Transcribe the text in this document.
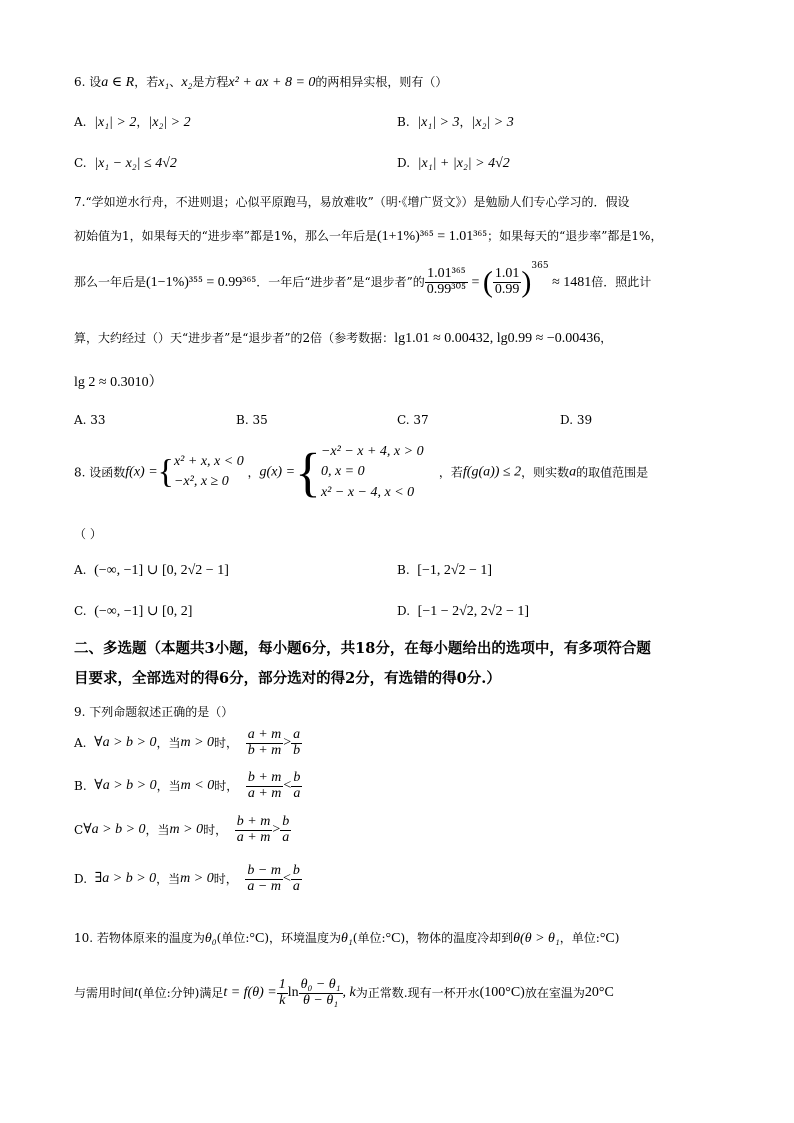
6. 设a ∈ R，若x₁、x₂是方程x² + ax + 8 = 0的两相异实根，则有（）
A. |x₁| > 2，|x₂| > 2	B. |x₁| > 3，|x₂| > 3
C. |x₁ − x₂| ≤ 4√2	D. |x₁| + |x₂| > 4√2
7.“学如逆水行舟，不进则退；心似平原跑马，易放难收”（明·《增广贤文》）是勉励人们专心学习的．假设
初始值为1，如果每天的“进步率”都是1%，那么一年后是(1+1%)³⁶⁵ = 1.01³⁶⁵；如果每天的“退步率”都是1%，
那么一年后是(1−1%)³⁵⁵ = 0.99³⁶⁵．一年后“进步者”是“退步者”的 $\frac{\text{1.01³⁶⁵}}{\text{0.99³⁰⁵}}$ = ( $\frac{1.01}{0.99} )^{365} \approx 1481$倍．照此计
算，大约经过（）天“进步者”是“退步者”的2倍（参考数据：lg1.01 ≈ 0.00432, lg0.99 ≈ −0.00436，
lg 2 ≈ 0.3010）
A. 33	B. 35	C. 37	D. 39
8. 设函数f(x) ={ x² + x, x < 0
−x², x ≥ 0
，g(x) ={ −x² − x + 4, x > 0
0, x = 0
x² − x − 4, x < 0
，若f(g(a)) ≤ 2，则实数a的取值范围是
（ ）
A. (−∞, −1] ∪ [0, 2√2 − 1]	B. [−1, 2√2 − 1]
C. (−∞, −1] ∪ [0, 2]	D. [−1 − 2√2, 2√2 − 1]
二、多选题（本题共3小题，每小题6分，共18分，在每小题给出的选项中，有多项符合题
目要求，全部选对的得6分，部分选对的得2分，有选错的得0分.）
9. 下列命题叙述正确的是（）
A. ∀a > b > 0，当m > 0时， $\frac{a + m}{b + m} > \frac{a}{b}$
B. ∀a > b > 0，当m < 0时， $\frac{b + m}{a + m} < \frac{b}{a}$
C∀a > b > 0，当m > 0时， $\frac{b + m}{a + m} > \frac{b}{a}$
D. ∃a > b > 0，当m > 0时， $\frac{b - m}{a - m} < \frac{b}{a}$
10. 若物体原来的温度为θ₀(单位:°C)，环境温度为θ₁(单位:°C)，物体的温度冷却到θ(θ > θ₁，单位:°C)
与需用时间t(单位:分钟)满足$t = f(\theta) = \frac{1}{k}$ $\ln \frac{\text{θ₀ − θ₁}}{\text{θ − θ₁}}$ , k为正常数.现有一杯开水(100°C)放在室温为20°C
